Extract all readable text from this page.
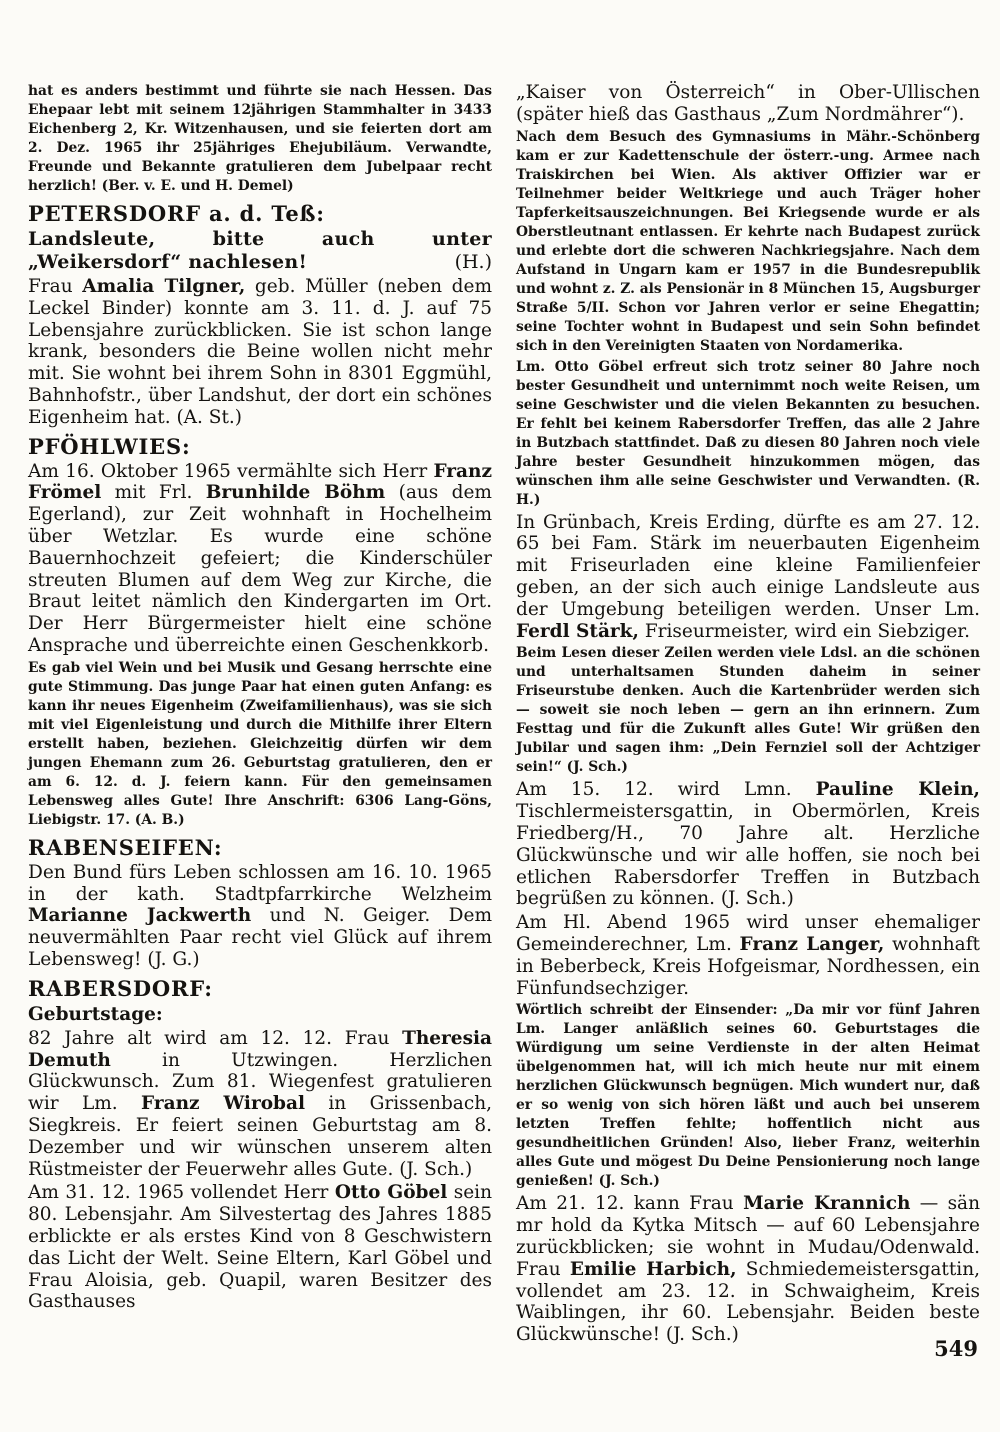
hat es anders bestimmt und führte sie nach Hessen. Das Ehepaar lebt mit seinem 12jährigen Stammhalter in 3433 Eichenberg 2, Kr. Witzenhausen, und sie feierten dort am 2. Dez. 1965 ihr 25jähriges Ehejubiläum. Verwandte, Freunde und Bekannte gratulieren dem Jubelpaar recht herzlich! (Ber. v. E. und H. Demel)

PETERSDORF a. d. Teß:

Landsleute, bitte auch unter „Weikersdorf“ nachlesen!	(H.)

Frau Amalia Tilgner, geb. Müller (neben dem Leckel Binder) konnte am 3. 11. d. J. auf 75 Lebensjahre zurückblicken. Sie ist schon lange krank, besonders die Beine wollen nicht mehr mit. Sie wohnt bei ihrem Sohn in 8301 Eggmühl, Bahnhofstr., über Landshut, der dort ein schönes Eigenheim hat. (A. St.)

PFÖHLWIES:

Am 16. Oktober 1965 vermählte sich Herr Franz Frömel mit Frl. Brunhilde Böhm (aus dem Egerland), zur Zeit wohnhaft in Hochelheim über Wetzlar. Es wurde eine schöne Bauernhochzeit gefeiert; die Kinderschüler streuten Blumen auf dem Weg zur Kirche, die Braut leitet nämlich den Kindergarten im Ort. Der Herr Bürgermeister hielt eine schöne Ansprache und überreichte einen Geschenkkorb.

Es gab viel Wein und bei Musik und Gesang herrschte eine gute Stimmung. Das junge Paar hat einen guten Anfang: es kann ihr neues Eigenheim (Zweifamilienhaus), was sie sich mit viel Eigenleistung und durch die Mithilfe ihrer Eltern erstellt haben, beziehen. Gleichzeitig dürfen wir dem jungen Ehemann zum 26. Geburtstag gratulieren, den er am 6. 12. d. J. feiern kann. Für den gemeinsamen Lebensweg alles Gute! Ihre Anschrift: 6306 Lang-Göns, Liebigstr. 17. (A. B.)

RABENSEIFEN:

Den Bund fürs Leben schlossen am 16. 10. 1965 in der kath. Stadtpfarrkirche Welzheim Marianne Jackwerth und N. Geiger. Dem neuvermählten Paar recht viel Glück auf ihrem Lebensweg! (J. G.)

RABERSDORF:
Geburtstage:

82 Jahre alt wird am 12. 12. Frau Theresia Demuth in Utzwingen. Herzlichen Glückwunsch. Zum 81. Wiegenfest gratulieren wir Lm. Franz Wirobal in Grissenbach, Siegkreis. Er feiert seinen Geburtstag am 8. Dezember und wir wünschen unserem alten Rüstmeister der Feuerwehr alles Gute. (J. Sch.)

Am 31. 12. 1965 vollendet Herr Otto Göbel sein 80. Lebensjahr. Am Silvestertag des Jahres 1885 erblickte er als erstes Kind von 8 Geschwistern das Licht der Welt. Seine Eltern, Karl Göbel und Frau Aloisia, geb. Quapil, waren Besitzer des Gasthauses

„Kaiser von Österreich“ in Ober-Ullischen (später hieß das Gasthaus „Zum Nordmährer“).

Nach dem Besuch des Gymnasiums in Mähr.-Schönberg kam er zur Kadettenschule der österr.-ung. Armee nach Traiskirchen bei Wien. Als aktiver Offizier war er Teilnehmer beider Weltkriege und auch Träger hoher Tapferkeitsauszeichnungen. Bei Kriegsende wurde er als Oberstleutnant entlassen. Er kehrte nach Budapest zurück und erlebte dort die schweren Nachkriegsjahre. Nach dem Aufstand in Ungarn kam er 1957 in die Bundesrepublik und wohnt z. Z. als Pensionär in 8 München 15, Augsburger Straße 5/II. Schon vor Jahren verlor er seine Ehegattin; seine Tochter wohnt in Budapest und sein Sohn befindet sich in den Vereinigten Staaten von Nordamerika.

Lm. Otto Göbel erfreut sich trotz seiner 80 Jahre noch bester Gesundheit und unternimmt noch weite Reisen, um seine Geschwister und die vielen Bekannten zu besuchen. Er fehlt bei keinem Rabersdorfer Treffen, das alle 2 Jahre in Butzbach stattfindet. Daß zu diesen 80 Jahren noch viele Jahre bester Gesundheit hinzukommen mögen, das wünschen ihm alle seine Geschwister und Verwandten. (R. H.)

In Grünbach, Kreis Erding, dürfte es am 27. 12. 65 bei Fam. Stärk im neuerbauten Eigenheim mit Friseurladen eine kleine Familienfeier geben, an der sich auch einige Landsleute aus der Umgebung beteiligen werden. Unser Lm. Ferdl Stärk, Friseurmeister, wird ein Siebziger.

Beim Lesen dieser Zeilen werden viele Ldsl. an die schönen und unterhaltsamen Stunden daheim in seiner Friseurstube denken. Auch die Kartenbrüder werden sich — soweit sie noch leben — gern an ihn erinnern. Zum Festtag und für die Zukunft alles Gute! Wir grüßen den Jubilar und sagen ihm: „Dein Fernziel soll der Achtziger sein!“ (J. Sch.)

Am 15. 12. wird Lmn. Pauline Klein, Tischlermeistersgattin, in Obermörlen, Kreis Friedberg/H., 70 Jahre alt. Herzliche Glückwünsche und wir alle hoffen, sie noch bei etlichen Rabersdorfer Treffen in Butzbach begrüßen zu können. (J. Sch.)

Am Hl. Abend 1965 wird unser ehemaliger Gemeinderechner, Lm. Franz Langer, wohnhaft in Beberbeck, Kreis Hofgeismar, Nordhessen, ein Fünfundsechziger.

Wörtlich schreibt der Einsender: „Da mir vor fünf Jahren Lm. Langer anläßlich seines 60. Geburtstages die Würdigung um seine Verdienste in der alten Heimat übelgenommen hat, will ich mich heute nur mit einem herzlichen Glückwunsch begnügen. Mich wundert nur, daß er so wenig von sich hören läßt und auch bei unserem letzten Treffen fehlte; hoffentlich nicht aus gesundheitlichen Gründen! Also, lieber Franz, weiterhin alles Gute und mögest Du Deine Pensionierung noch lange genießen! (J. Sch.)

Am 21. 12. kann Frau Marie Krannich — sän mr hold da Kytka Mitsch — auf 60 Lebensjahre zurückblicken; sie wohnt in Mudau/Odenwald. Frau Emilie Harbich, Schmiedemeistersgattin, vollendet am 23. 12. in Schwaigheim, Kreis Waiblingen, ihr 60. Lebensjahr. Beiden beste Glückwünsche! (J. Sch.)

549
